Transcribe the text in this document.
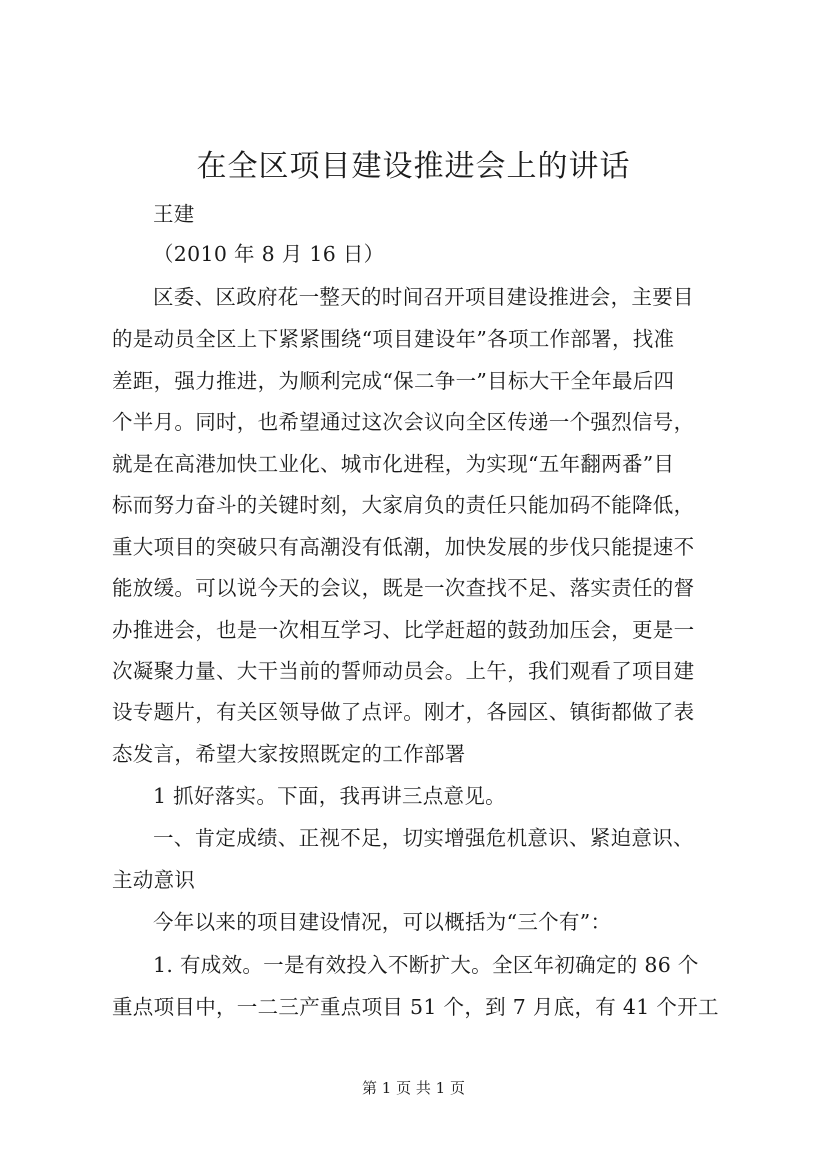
在全区项目建设推进会上的讲话
王建
（2010 年 8 月 16 日）
区委、区政府花一整天的时间召开项目建设推进会，主要目
的是动员全区上下紧紧围绕“项目建设年”各项工作部署，找准
差距，强力推进，为顺利完成“保二争一”目标大干全年最后四
个半月。同时，也希望通过这次会议向全区传递一个强烈信号，
就是在高港加快工业化、城市化进程，为实现“五年翻两番”目
标而努力奋斗的关键时刻，大家肩负的责任只能加码不能降低，
重大项目的突破只有高潮没有低潮，加快发展的步伐只能提速不
能放缓。可以说今天的会议，既是一次查找不足、落实责任的督
办推进会，也是一次相互学习、比学赶超的鼓劲加压会，更是一
次凝聚力量、大干当前的誓师动员会。上午，我们观看了项目建
设专题片，有关区领导做了点评。刚才，各园区、镇街都做了表
态发言，希望大家按照既定的工作部署
1 抓好落实。下面，我再讲三点意见。
一、肯定成绩、正视不足，切实增强危机意识、紧迫意识、
主动意识
今年以来的项目建设情况，可以概括为“三个有”：
1. 有成效。一是有效投入不断扩大。全区年初确定的 86 个
重点项目中，一二三产重点项目 51 个，到 7 月底，有 41 个开工
第 1 页 共 1 页
